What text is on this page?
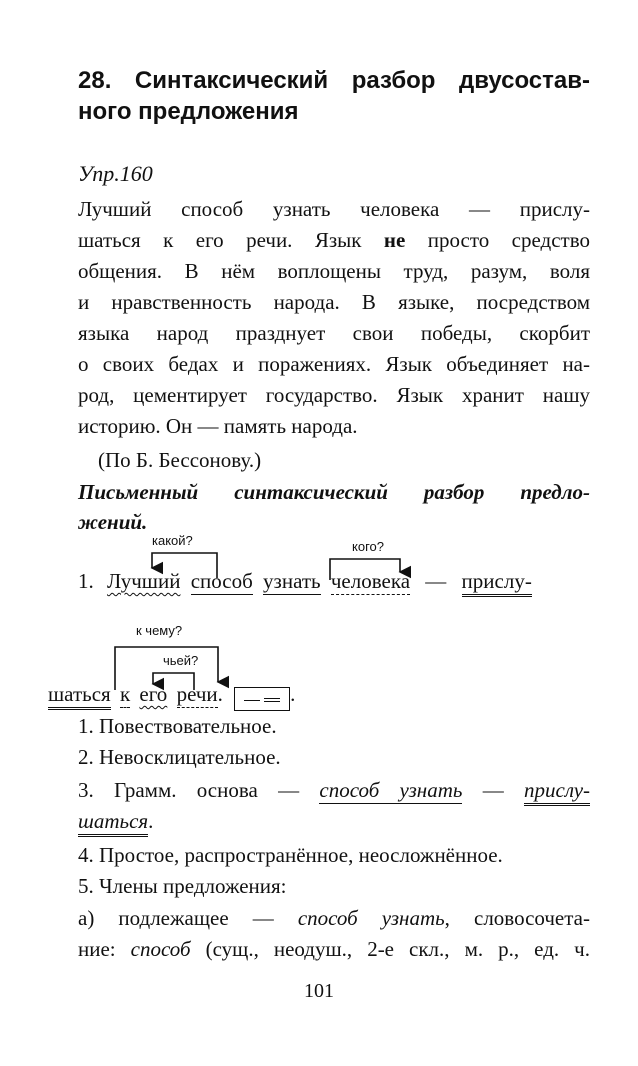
28. Синтаксический разбор двусостав-
ного предложения
Упр.160
Лучший способ узнать человека — прислу-
шаться к его речи. Язык не просто средство
общения. В нём воплощены труд, разум, воля
и нравственность народа. В языке, посредством
языка народ празднует свои победы, скорбит
о своих бедах и поражениях. Язык объединяет на-
род, цементирует государство. Язык хранит нашу
историю. Он — память народа.
(По Б. Бессонову.)
Письменный синтаксический разбор предло-
жений.
какой?	кого?
к чему?
чьей?
1. Лучший способ узнать человека — прислу-
шаться к его речи.	.
1. Повествовательное.
2. Невосклицательное.
3. Грамм. основа — способ узнать — прислу-
шаться.
4. Простое, распространённое, неосложнённое.
5. Члены предложения:
а) подлежащее — способ узнать, словосочета-
ние: способ (сущ., неодуш., 2-е скл., м. р., ед. ч.
101
